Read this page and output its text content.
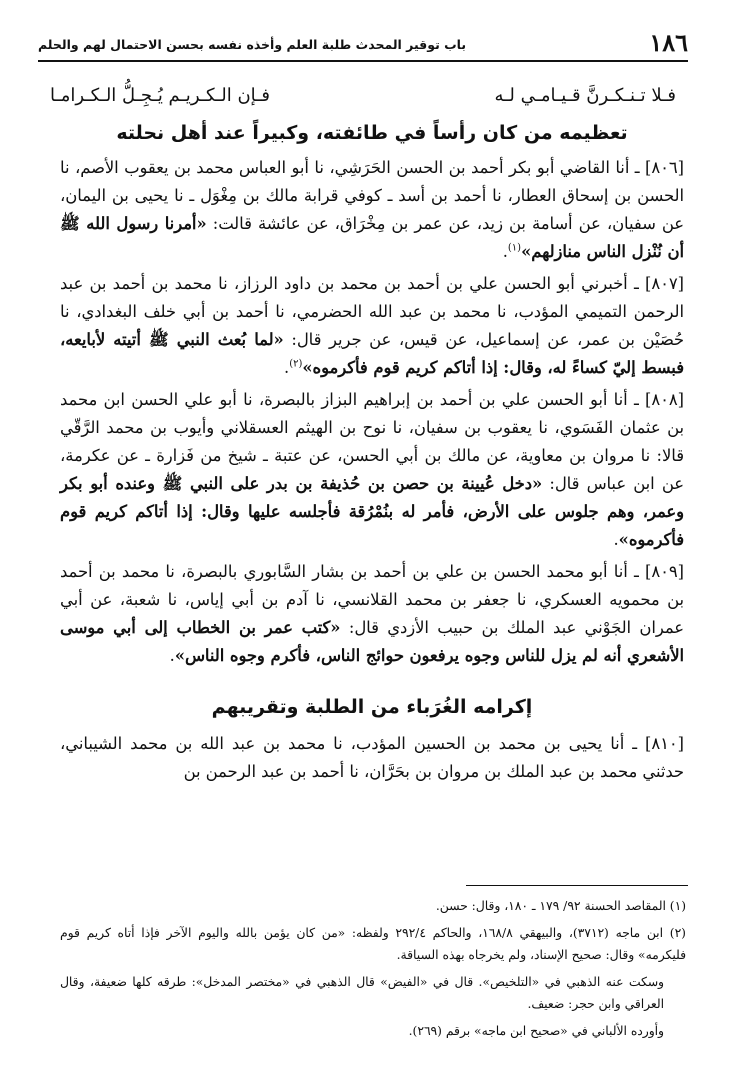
١٨٦
باب توقير المحدث طلبة العلم وأخذه نفسه بحسن الاحتمال لهم والحلم
فـلا تـنـكـرنَّ قـيـامـي لـه
فـإن الـكـريـم يُـجِـلُّ الـكـرامـا
تعظيمه من كان رأساً في طائفته، وكبيراً عند أهل نحلته

[٨٠٦] ـ أنا القاضي أبو بكر أحمد بن الحسن الحَرَشِي، نا أبو العباس محمد بن يعقوب الأصم، نا الحسن بن إسحاق العطار، نا أحمد بن أسد ـ كوفي قرابة مالك بن مِغْوَل ـ نا يحيى بن اليمان، عن سفيان، عن أسامة بن زيد، عن عمر بن مِخْرَاق، عن عائشة قالت: «أمرنا رسول الله ﷺ أن نُنْزل الناس منازلهم»$^{(١)}$.

[٨٠٧] ـ أخبرني أبو الحسن علي بن أحمد بن محمد بن داود الرزاز، نا محمد بن أحمد بن عبد الرحمن التميمي المؤدب، نا محمد بن عبد الله الحضرمي، نا أحمد بن أبي خلف البغدادي، نا حُصَيْن بن عمر، عن إسماعيل، عن قيس، عن جرير قال: «لما بُعث النبي ﷺ أتيته لأبايعه، فبسط إليّ كساءً له، وقال: إذا أتاكم كريم قوم فأكرموه»$^{(٢)}$.

[٨٠٨] ـ أنا أبو الحسن علي بن أحمد بن إبراهيم البزاز بالبصرة، نا أبو علي الحسن ابن محمد بن عثمان الفَسَوي، نا يعقوب بن سفيان، نا نوح بن الهيثم العسقلاني وأيوب بن محمد الرَّقّي قالا: نا مروان بن معاوية، عن مالك بن أبي الحسن، عن عتبة ـ شيخ من فَزارة ـ عن عكرمة، عن ابن عباس قال: «دخل عُيينة بن حصن بن حُذيفة بن بدر على النبي ﷺ وعنده أبو بكر وعمر، وهم جلوس على الأرض، فأمر له بنُمْرُقة فأجلسه عليها وقال: إذا أتاكم كريم قوم فأكرموه».

[٨٠٩] ـ أنا أبو محمد الحسن بن علي بن أحمد بن بشار السَّابوري بالبصرة، نا محمد بن أحمد بن محمويه العسكري، نا جعفر بن محمد القلانسي، نا آدم بن أبي إياس، نا شعبة، عن أبي عمران الجَوْني عبد الملك بن حبيب الأزدي قال: «كتب عمر بن الخطاب إلى أبي موسى الأشعري أنه لم يزل للناس وجوه يرفعون حوائج الناس، فأكرم وجوه الناس».

إكرامه الغُرَباء من الطلبة وتقريبهم

[٨١٠] ـ أنا يحيى بن محمد بن الحسين المؤدب، نا محمد بن عبد الله بن محمد الشيباني، حدثني محمد بن عبد الملك بن مروان بن بحَرَّان، نا أحمد بن عبد الرحمن بن

(١) المقاصد الحسنة ٩٢/ ١٧٩ ـ ١٨٠، وقال: حسن.

(٢) ابن ماجه (٣٧١٢)، والبيهقي ١٦٨/٨، والحاكم ٢٩٢/٤ ولفظه: «من كان يؤمن بالله واليوم الآخر فإذا أتاه كريم قوم فليكرمه» وقال: صحيح الإسناد، ولم يخرجاه بهذه السياقة.

وسكت عنه الذهبي في «التلخيص». قال في «الفيض» قال الذهبي في «مختصر المدخل»: طرقه كلها ضعيفة، وقال العراقي وابن حجر: ضعيف.

وأورده الألباني في «صحيح ابن ماجه» برقم (٢٦٩).
